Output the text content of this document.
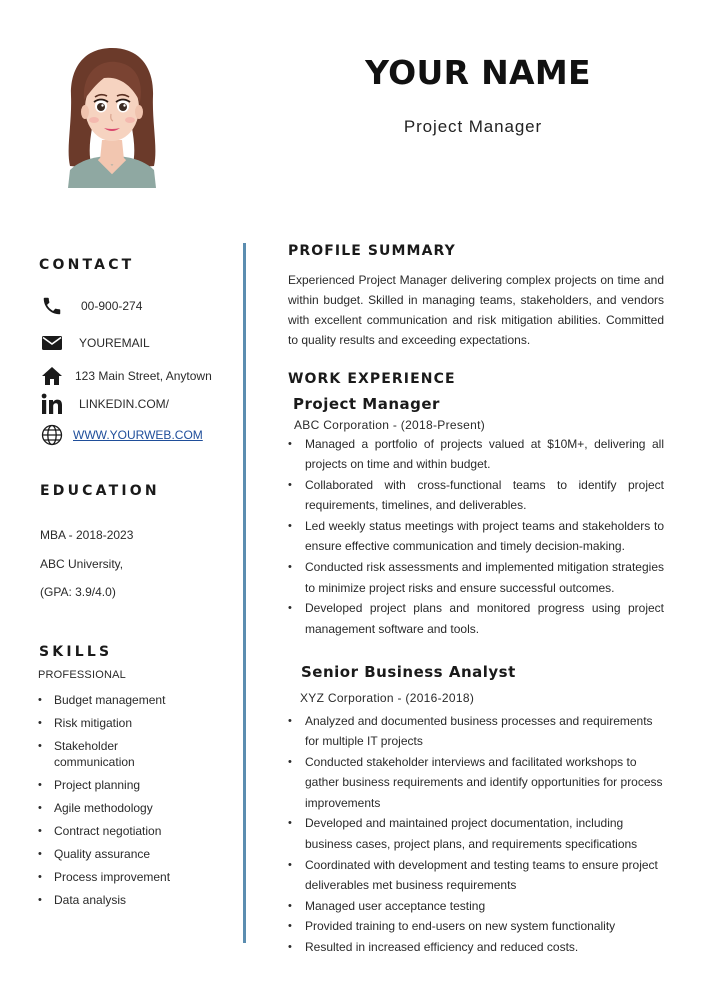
YOUR NAME
Project Manager
CONTACT
00-900-274
YOUREMAIL
123 Main Street, Anytown
LINKEDIN.COM/
WWW.YOURWEB.COM
EDUCATION
MBA - 2018-2023
ABC University,
(GPA: 3.9/4.0)
SKILLS
PROFESSIONAL
• Budget management
• Risk mitigation
• Stakeholder communication
• Project planning
• Agile methodology
• Contract negotiation
• Quality assurance
• Process improvement
• Data analysis
PROFILE SUMMARY
Experienced Project Manager delivering complex projects on time and within budget. Skilled in managing teams, stakeholders, and vendors with excellent communication and risk mitigation abilities. Committed to quality results and exceeding expectations.
WORK EXPERIENCE
Project Manager
ABC Corporation - (2018-Present)
• Managed a portfolio of projects valued at $10M+, delivering all projects on time and within budget.
• Collaborated with cross-functional teams to identify project requirements, timelines, and deliverables.
• Led weekly status meetings with project teams and stakeholders to ensure effective communication and timely decision-making.
• Conducted risk assessments and implemented mitigation strategies to minimize project risks and ensure successful outcomes.
• Developed project plans and monitored progress using project management software and tools.
Senior Business Analyst
XYZ Corporation - (2016-2018)
• Analyzed and documented business processes and requirements for multiple IT projects
• Conducted stakeholder interviews and facilitated workshops to gather business requirements and identify opportunities for process improvements
• Developed and maintained project documentation, including business cases, project plans, and requirements specifications
• Coordinated with development and testing teams to ensure project deliverables met business requirements
• Managed user acceptance testing
• Provided training to end-users on new system functionality
• Resulted in increased efficiency and reduced costs.
